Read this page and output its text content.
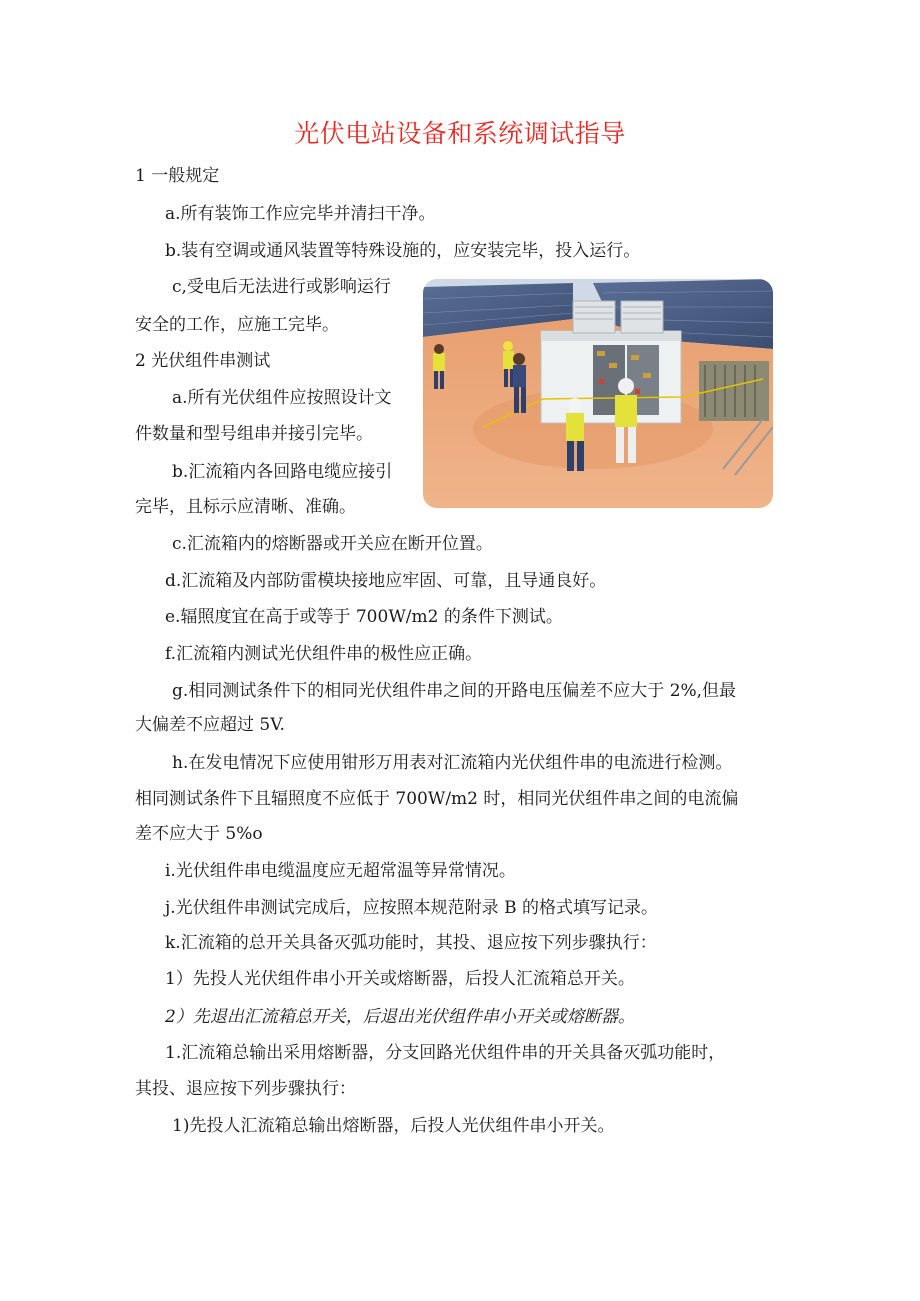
光伏电站设备和系统调试指导

1 一般规定

a.所有装饰工作应完毕并清扫干净。

b.装有空调或通风装置等特殊设施的，应安装完毕，投入运行。

c,受电后无法进行或影响运行

安全的工作，应施工完毕。

2 光伏组件串测试

a.所有光伏组件应按照设计文

件数量和型号组串并接引完毕。

b.汇流箱内各回路电缆应接引

完毕，且标示应清晰、准确。

c.汇流箱内的熔断器或开关应在断开位置。

d.汇流箱及内部防雷模块接地应牢固、可靠，且导通良好。

e.辐照度宜在高于或等于 700W/m2 的条件下测试。

f.汇流箱内测试光伏组件串的极性应正确。

g.相同测试条件下的相同光伏组件串之间的开路电压偏差不应大于 2%,但最

大偏差不应超过 5V.

h.在发电情况下应使用钳形万用表对汇流箱内光伏组件串的电流进行检测。

相同测试条件下且辐照度不应低于 700W/m2 时，相同光伏组件串之间的电流偏

差不应大于 5%o

i.光伏组件串电缆温度应无超常温等异常情况。

j.光伏组件串测试完成后，应按照本规范附录 B 的格式填写记录。

k.汇流箱的总开关具备灭弧功能时，其投、退应按下列步骤执行：

1）先投人光伏组件串小开关或熔断器，后投人汇流箱总开关。

2）先退出汇流箱总开关，后退出光伏组件串小开关或熔断器。

1.汇流箱总输出采用熔断器，分支回路光伏组件串的开关具备灭弧功能时，

其投、退应按下列步骤执行：

1)先投人汇流箱总输出熔断器，后投人光伏组件串小开关。
